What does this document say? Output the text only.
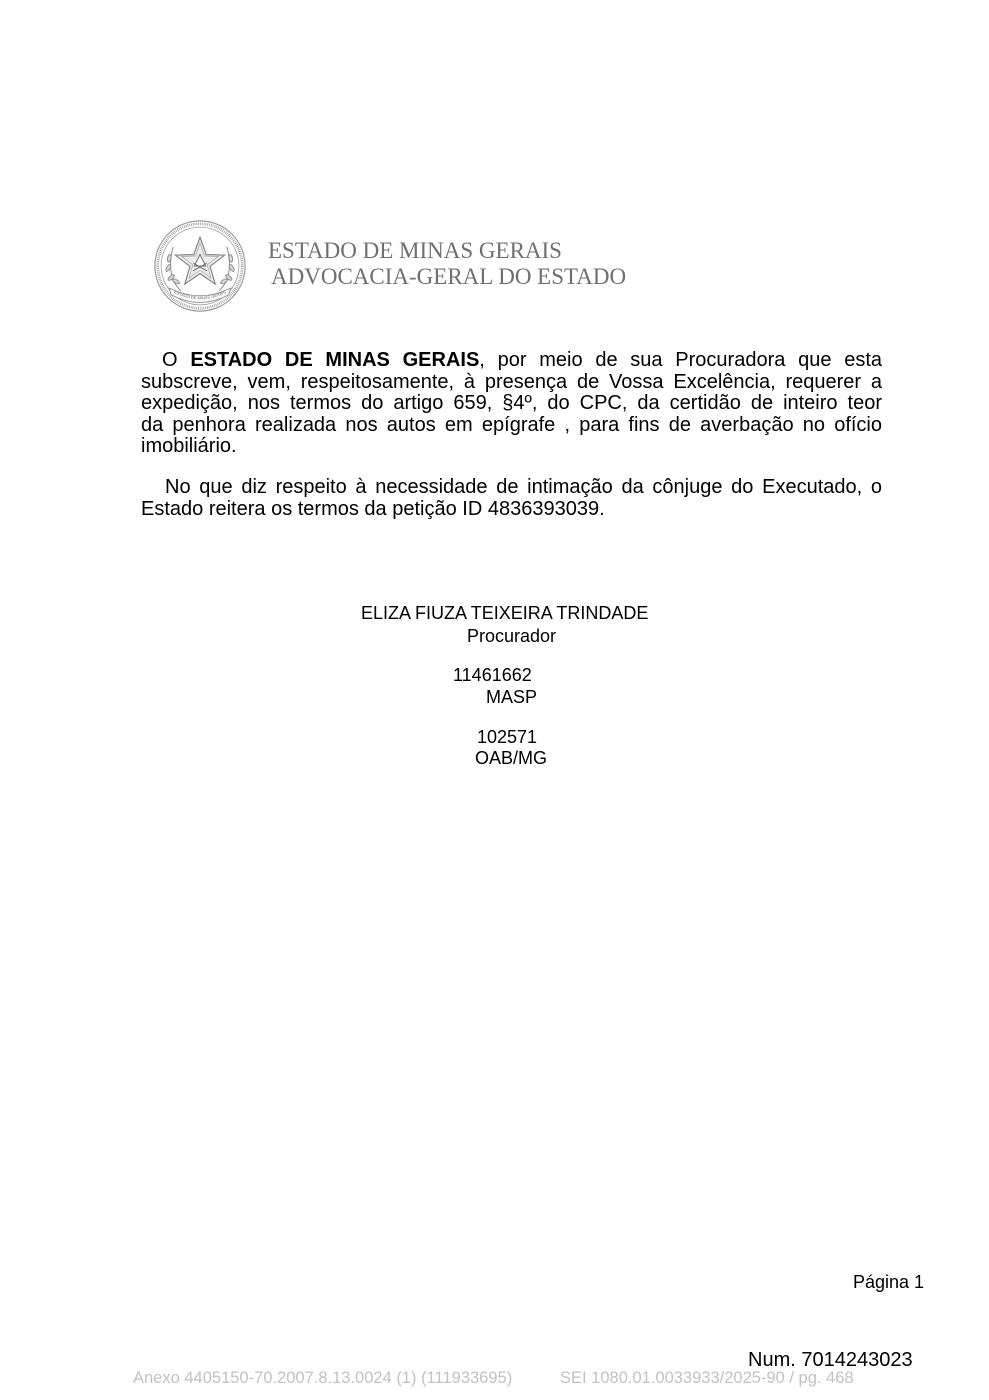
ESTADO DE MINAS GERAIS
ESTADO DE MINAS GERAIS
ADVOCACIA-GERAL DO ESTADO
O ESTADO DE MINAS GERAIS, por meio de sua Procuradora que esta
subscreve, vem, respeitosamente, à presença de Vossa Excelência, requerer a
expedição, nos termos do artigo 659, §4º, do CPC, da certidão de inteiro teor
da penhora realizada nos autos em epígrafe , para fins de averbação no ofício
imobiliário.
No que diz respeito à necessidade de intimação da cônjuge do Executado, o
Estado reitera os termos da petição ID 4836393039.
ELIZA FIUZA TEIXEIRA TRINDADE
Procurador
11461662
MASP
102571
OAB/MG
Página 1
Num. 7014243023
Anexo 4405150-70.2007.8.13.0024 (1) (111933695)	SEI 1080.01.0033933/2025-90 / pg. 468
